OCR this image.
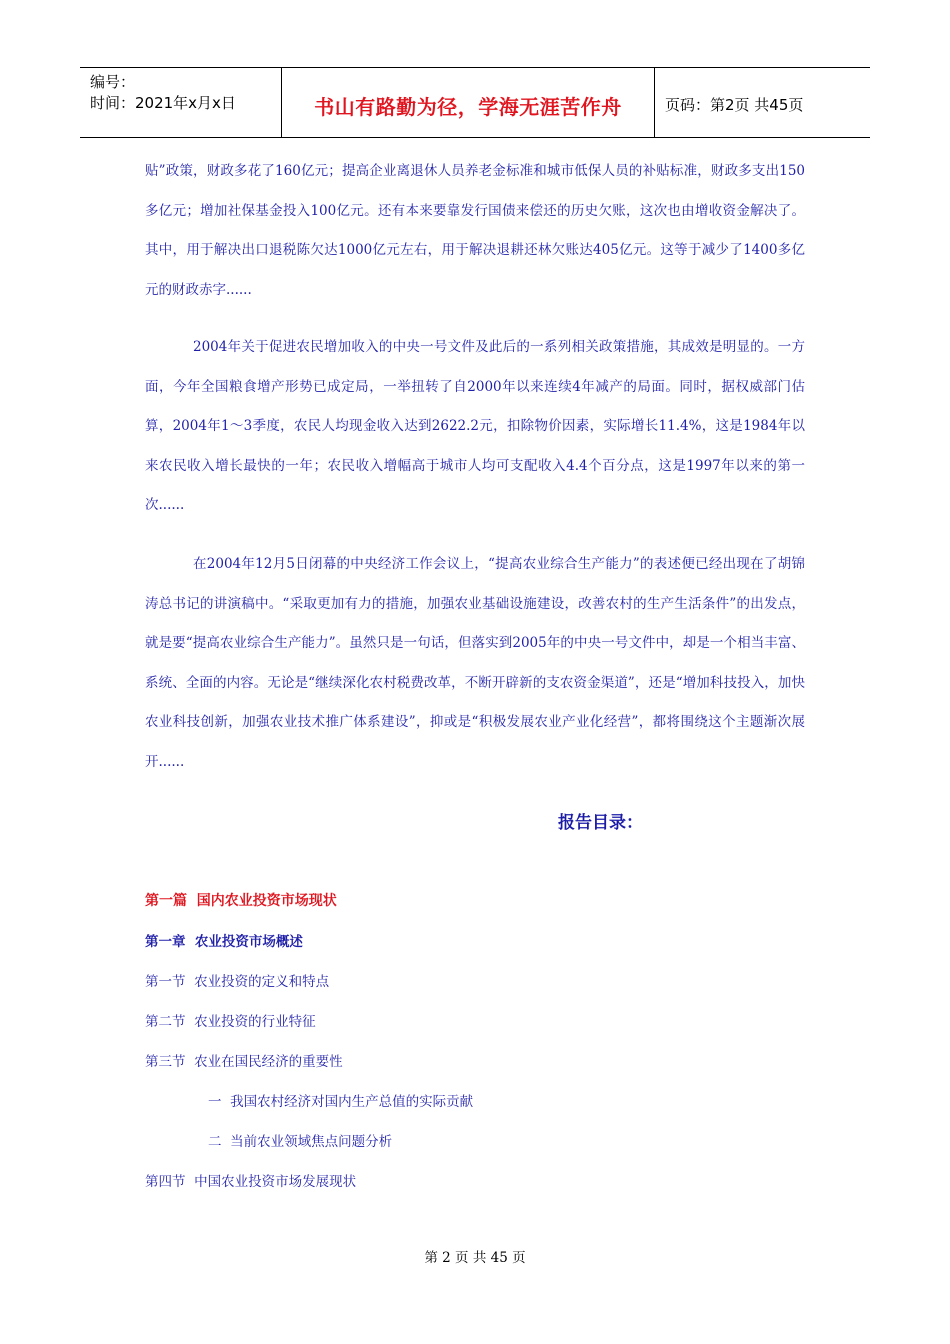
编号：
时间：2021年x月x日	书山有路勤为径，学海无涯苦作舟	页码：第2页 共45页

贴”政策，财政多花了160亿元；提高企业离退休人员养老金标准和城市低保人员的补贴标准，财政多支出150多亿元；增加社保基金投入100亿元。还有本来要靠发行国债来偿还的历史欠账，这次也由增收资金解决了。其中，用于解决出口退税陈欠达1000亿元左右，用于解决退耕还林欠账达405亿元。这等于减少了1400多亿元的财政赤字......

2004年关于促进农民增加收入的中央一号文件及此后的一系列相关政策措施，其成效是明显的。一方面，今年全国粮食增产形势已成定局，一举扭转了自2000年以来连续4年减产的局面。同时，据权威部门估算，2004年1～3季度，农民人均现金收入达到2622.2元，扣除物价因素，实际增长11.4%，这是1984年以来农民收入增长最快的一年；农民收入增幅高于城市人均可支配收入4.4个百分点，这是1997年以来的第一次......

在2004年12月5日闭幕的中央经济工作会议上，“提高农业综合生产能力”的表述便已经出现在了胡锦涛总书记的讲演稿中。“采取更加有力的措施，加强农业基础设施建设，改善农村的生产生活条件”的出发点，就是要“提高农业综合生产能力”。虽然只是一句话，但落实到2005年的中央一号文件中，却是一个相当丰富、系统、全面的内容。无论是“继续深化农村税费改革，不断开辟新的支农资金渠道”，还是“增加科技投入，加快农业科技创新，加强农业技术推广体系建设”，抑或是“积极发展农业产业化经营”，都将围绕这个主题渐次展开......

报告目录：
第一篇  国内农业投资市场现状
第一章  农业投资市场概述
第一节  农业投资的定义和特点
第二节  农业投资的行业特征
第三节  农业在国民经济的重要性
一  我国农村经济对国内生产总值的实际贡献
二  当前农业领域焦点问题分析
第四节  中国农业投资市场发展现状
第 2 页 共 45 页
